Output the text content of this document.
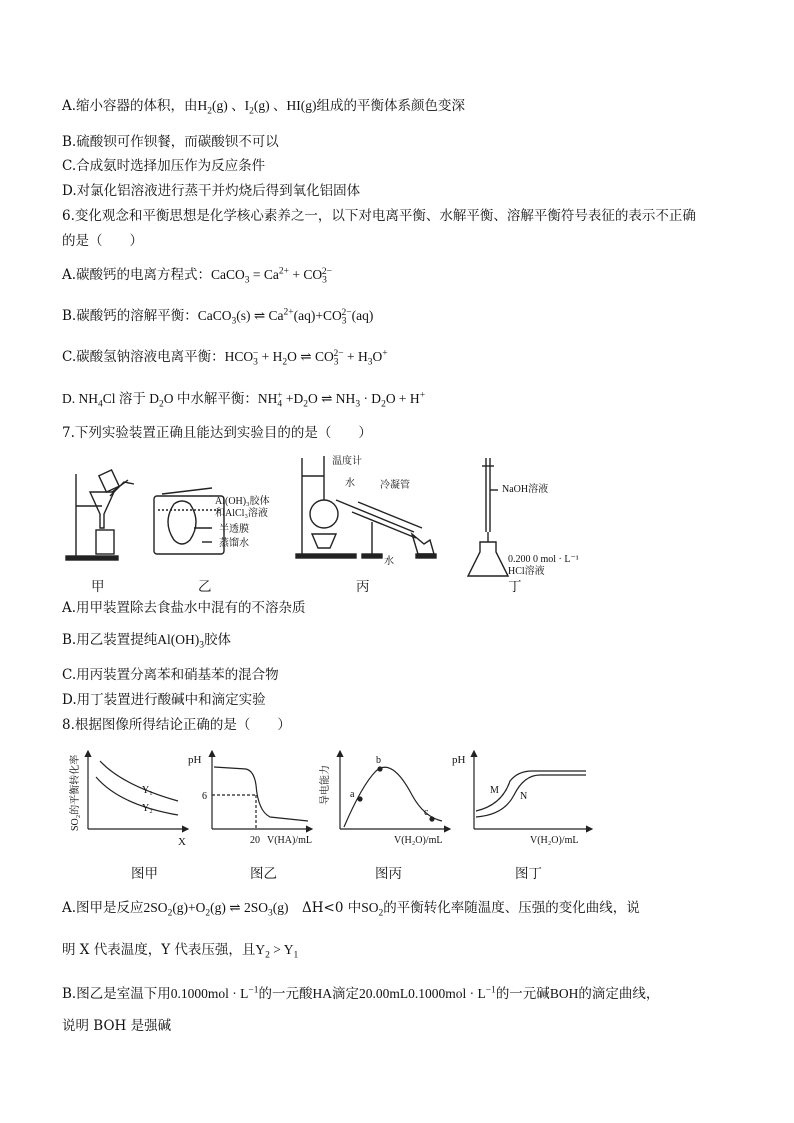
A.缩小容器的体积，由$H_2(g)$ 、$I_2(g)$ 、HI(g)组成的平衡体系颜色变深
B.硫酸钡可作钡餐，而碳酸钡不可以
C.合成氨时选择加压作为反应条件
D.对氯化铝溶液进行蒸干并灼烧后得到氧化铝固体
6.变化观念和平衡思想是化学核心素养之一，以下对电离平衡、水解平衡、溶解平衡符号表征的表示不正确
的是（　　）
A.碳酸钙的电离方程式：CaCO$_3$ = $Ca^{2+} + CO_3^{2-}$
B.碳酸钙的溶解平衡：CaCO$_3$(s) ⇌ $Ca^{2+}(aq)+CO_3^{2-}(aq)$
C.碳酸氢钠溶液电离平衡：$HCO_3^- + H_2O$ ⇌ $CO_3^{2-} + H_3O^+$
D. $NH_4Cl$ 溶于 $D_2O$ 中水解平衡：$NH_4^+ +D_2O$ ⇌ $NH_3 \cdot D_2O + H^+$
7.下列实验装置正确且能达到实验目的的是（　　）
Al(OH)₃胶体
和AlCl₃溶液
半透膜
蒸馏水
温度计
水	冷凝管
水
NaOH溶液
0.200 0 mol · L⁻¹
HCl溶液
甲	乙	丙	丁
A.用甲装置除去食盐水中混有的不溶杂质
B.用乙装置提纯$Al(OH)_3$胶体
C.用丙装置分离苯和硝基苯的混合物
D.用丁装置进行酸碱中和滴定实验
8.根据图像所得结论正确的是（　　）
SO₂的平衡转化率
X
Y₁
Y₂
pH
6
20 V(HA)/mL
导电能力 a
b
c
V(H₂O)/mL
pH
M
N
V(H₂O)/mL
图甲	图乙	图丙	图丁
A.图甲是反应$2SO_2(g)+O_2(g)$ ⇌ $2SO_3(g)$  ΔH<0 中$SO_2$的平衡转化率随温度、压强的变化曲线，说
明 X 代表温度，Y 代表压强，且$Y_2 > Y_1$
B.图乙是室温下用$0.1000mol \cdot L^{-1}$的一元酸HA滴定$20.00mL0.1000mol \cdot L^{-1}$的一元碱BOH的滴定曲线，
说明 BOH 是强碱
